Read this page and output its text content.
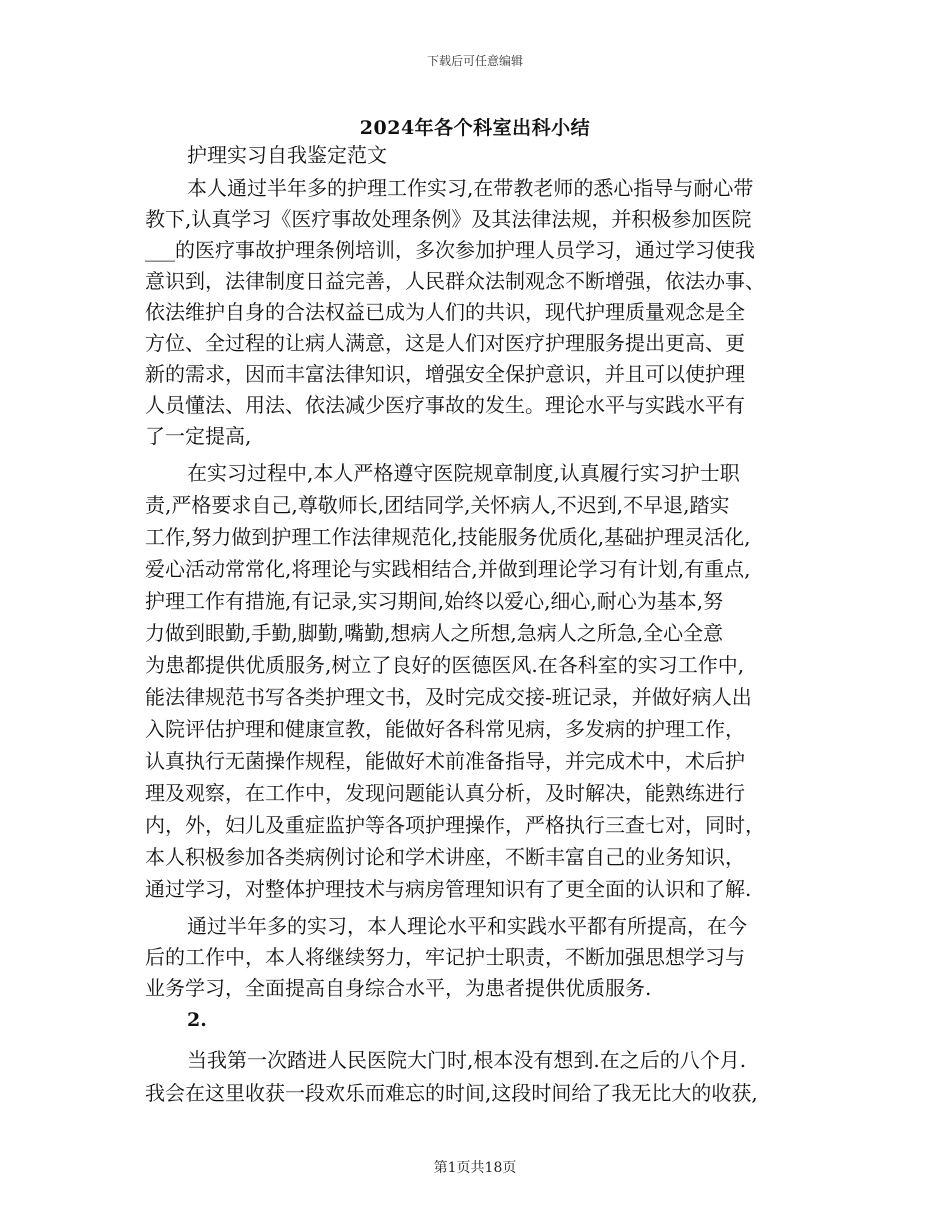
下载后可任意编辑
2024年各个科室出科小结
护理实习自我鉴定范文
本人通过半年多的护理工作实习,在带教老师的悉心指导与耐心带
教下,认真学习《医疗事故处理条例》及其法律法规，并积极参加医院
___的医疗事故护理条例培训，多次参加护理人员学习，通过学习使我
意识到，法律制度日益完善，人民群众法制观念不断增强，依法办事、
依法维护自身的合法权益已成为人们的共识，现代护理质量观念是全
方位、全过程的让病人满意，这是人们对医疗护理服务提出更高、更
新的需求，因而丰富法律知识，增强安全保护意识，并且可以使护理
人员懂法、用法、依法减少医疗事故的发生。理论水平与实践水平有
了一定提高,
在实习过程中,本人严格遵守医院规章制度,认真履行实习护士职
责,严格要求自己,尊敬师长,团结同学,关怀病人,不迟到,不早退,踏实
工作,努力做到护理工作法律规范化,技能服务优质化,基础护理灵活化,
爱心活动常常化,将理论与实践相结合,并做到理论学习有计划,有重点,
护理工作有措施,有记录,实习期间,始终以爱心,细心,耐心为基本,努
力做到眼勤,手勤,脚勤,嘴勤,想病人之所想,急病人之所急,全心全意
为患都提供优质服务,树立了良好的医德医风.在各科室的实习工作中,
能法律规范书写各类护理文书，及时完成交接-班记录，并做好病人出
入院评估护理和健康宣教，能做好各科常见病，多发病的护理工作，
认真执行无菌操作规程，能做好术前准备指导，并完成术中，术后护
理及观察，在工作中，发现问题能认真分析，及时解决，能熟练进行
内，外，妇儿及重症监护等各项护理操作，严格执行三查七对，同时，
本人积极参加各类病例讨论和学术讲座，不断丰富自己的业务知识，
通过学习，对整体护理技术与病房管理知识有了更全面的认识和了解.
通过半年多的实习，本人理论水平和实践水平都有所提高，在今
后的工作中，本人将继续努力，牢记护士职责，不断加强思想学习与
业务学习，全面提高自身综合水平，为患者提供优质服务.
2.
当我第一次踏进人民医院大门时,根本没有想到.在之后的八个月.
我会在这里收获一段欢乐而难忘的时间,这段时间给了我无比大的收获,
第1页共18页
